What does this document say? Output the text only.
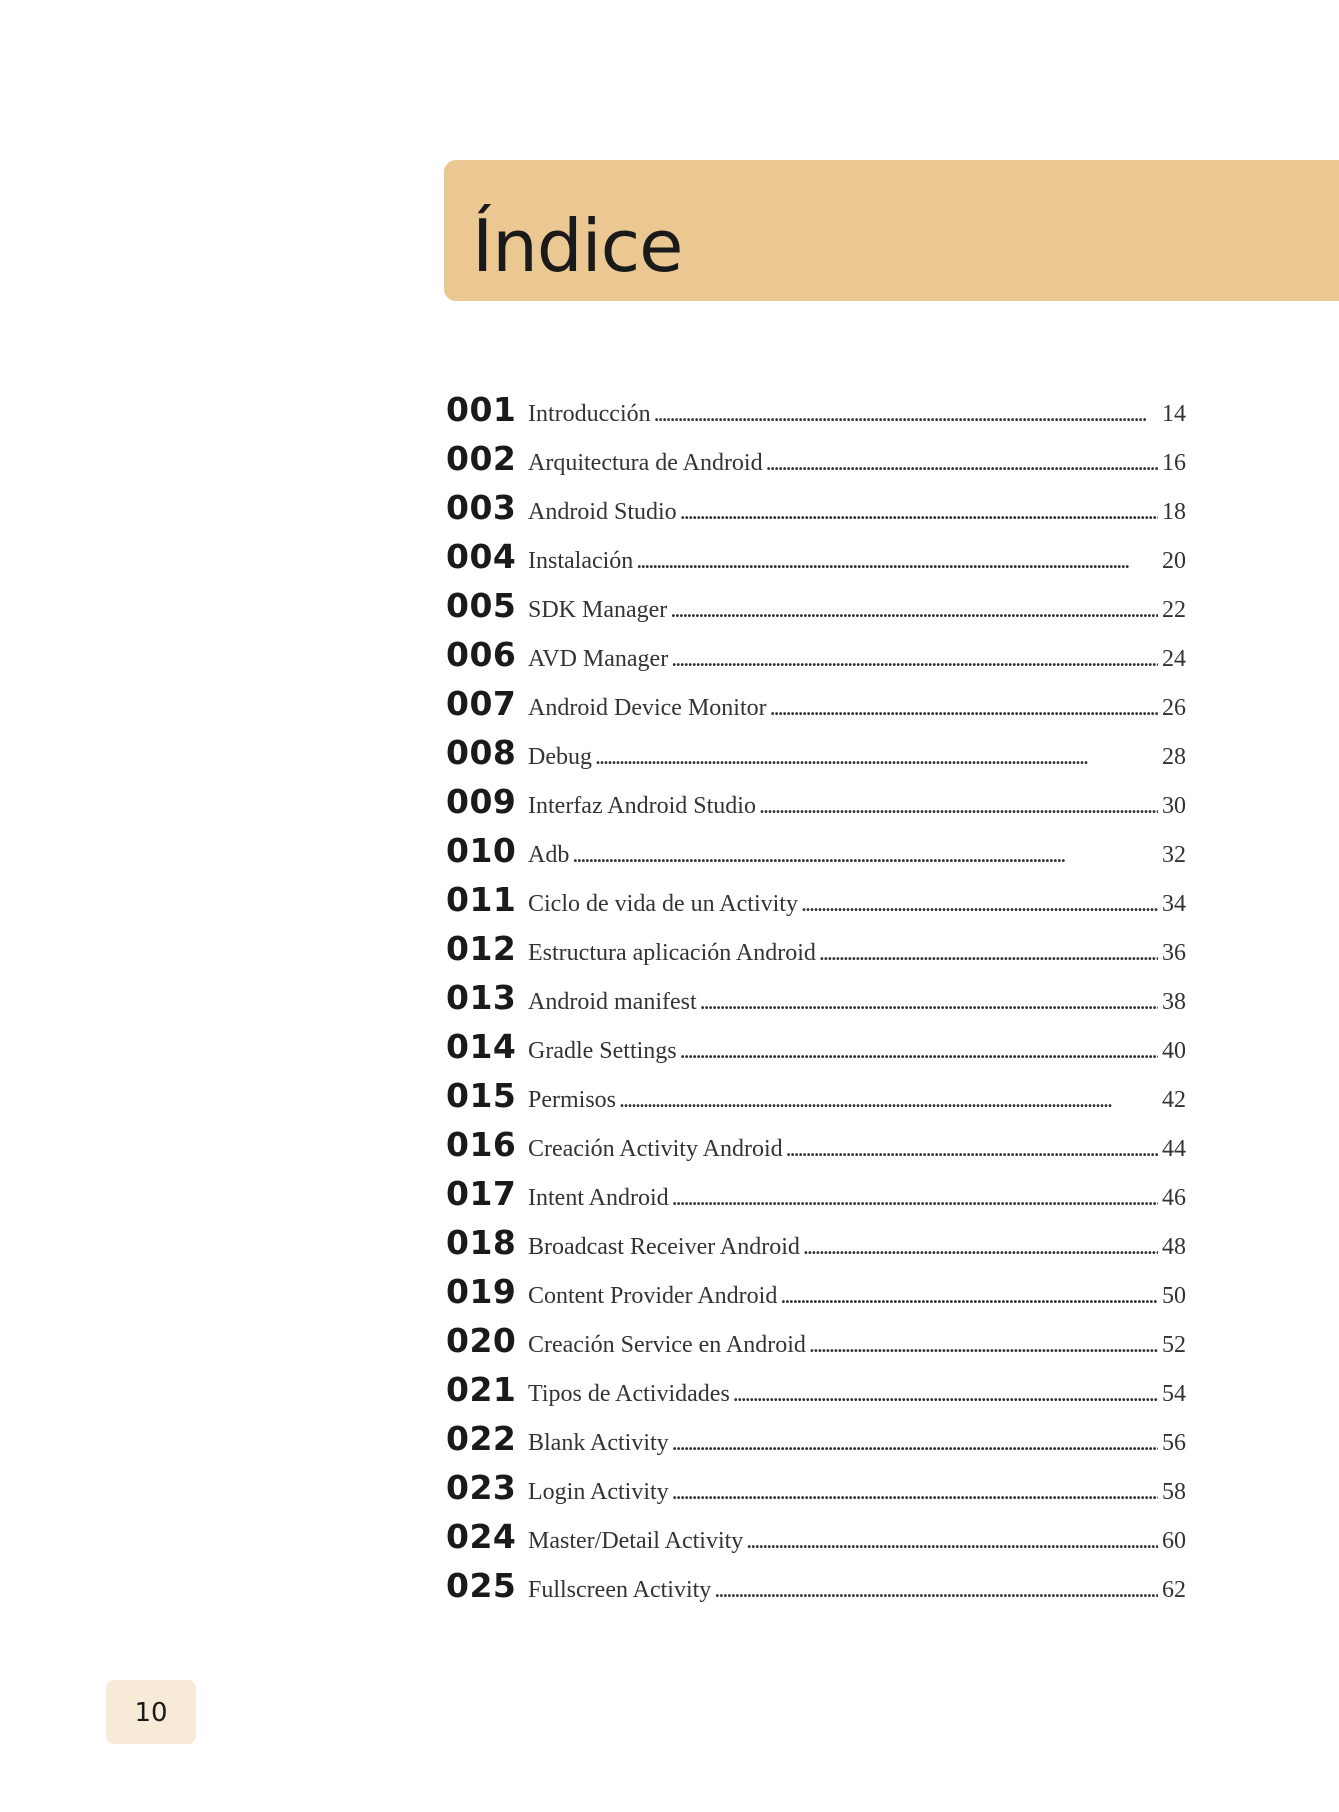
Índice
001 Introducción . . .	14
002 Arquitectura de Android . . .	16
003 Android Studio . . .	18
004 Instalación . . .	20
005 SDK Manager . . .	22
006 AVD Manager . . .	24
007 Android Device Monitor . . .	26
008 Debug . . .	28
009 Interfaz Android Studio . . .	30
010 Adb . . .	32
011 Ciclo de vida de un Activity . . .	34
012 Estructura aplicación Android . . .	36
013 Android manifest . . .	38
014 Gradle Settings . . .	40
015 Permisos . . .	42
016 Creación Activity Android . . .	44
017 Intent Android . . .	46
018 Broadcast Receiver Android . . .	48
019 Content Provider Android . . .	50
020 Creación Service en Android . . .	52
021 Tipos de Actividades . . .	54
022 Blank Activity . . .	56
023 Login Activity . . .	58
024 Master/Detail Activity . . .	60
025 Fullscreen Activity . . .	62
10
